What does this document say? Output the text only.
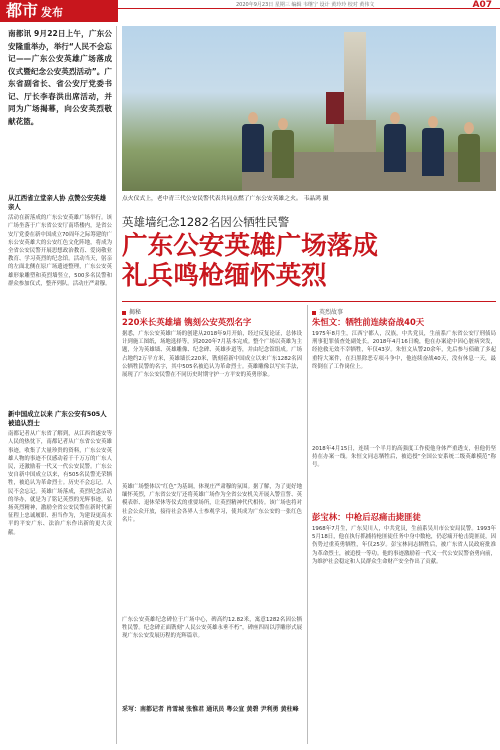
都市 发布
2020年9月23日 星期三 编辑 韦继宁 设计 黄玲玲 校对 黄伟文	A07
南都讯 9月22日上午，广东公安隆重举办，举行“人民不会忘记——广东公安英雄广场落成仪式暨纪念公安英烈活动”。广东省副省长、省公安厅党委书记、厅长李春洪出席活动，并同为广场揭幕，向公安英烈敬献花篮。
从江西省立堂亲人协 点赞公安英雄亲人
活动在新落成的广东公安英雄广场举行。该广场坐落于广东省公安厅南塔楼内，是省公安厅党委在新中国成立70周年之际筹建的广东公安英雄大的公安红色文化阵地，将成为全省公安民警开展思想政治教育、爱岗敬业教育、学习英烈的纪念馆。活动当天，躬亲的左面北侧在原广场遗迹整理，广东公安英雄形象雕塑和英烈墙竖立，500多名民警和群众参加仪式，整齐列队。活动庄严肃穆。
新中国成立以来 广东公安有505人被追认烈士
南都记者从广东省了解到，从江西省遂安等人民的热忱下，南都记者从广东省公安英雄事迹，收集了大量珍贵的资料，广东公安英雄人物的事迹不仅感动着千千万万的广东人民，还激励着一代又一代公安民警。广东公安自新中国成立以来，有505名民警光荣牺牲，被追认为革命烈士。历史不会忘记，人民不会忘记。英雄广场落成，英烈纪念活动的举办，就是为了铭记英烈的光辉事迹，弘扬英烈精神，激励全省公安民警在新时代新征程上忠诚履职、担当作为，为建设更高水平的平安广东、法治广东作出新的更大贡献。
点火仪式上，老中青三代公安民警代表共同点燃了广东公安英雄之火。 韦晶鸿 摄
英雄墙纪念1282名因公牺牲民警
广东公安英雄广场落成
礼兵鸣枪缅怀英烈
揭秘
220米长英雄墙 镌刻公安英烈名字
据悉，广东公安英雄广场的创建从2018年9月开始，经过反复论证，总体设计到施工图纸，场地选择等，到2020年7月基本完成。整个广场以英雄为主题，分为英雄墙、英雄雕像、纪念碑、英雄步道等，并由纪念馆组成。广场占地约2万平方米，英雄墙长220米，镌刻着新中国成立以来广东1282名因公牺牲民警的名字，其中505名被追认为革命烈士。英雄雕像以写实手法，展现了广东公安民警在不同历史时期守护一方平安的英勇形象。
英雄广场整体以“红色”为基调，体现庄严肃穆的氛围。据了解，为了更好地缅怀英烈，广东省公安厅还将英雄广场作为全省公安机关开展入警宣誓、英模表彰、退休荣休等仪式的重要场所，让英烈精神代代相传。该广场也将对社会公众开放，接待社会各界人士参观学习，使其成为广东公安的一张红色名片。
广东公安英雄纪念碑位于广场中心，碑高约12.82米，寓意1282名因公牺牲民警。纪念碑正面镌刻“人民公安英雄永垂不朽”，碑座四周以浮雕形式展现广东公安发展历程的光辉篇章。
采写：南都记者 肖雪城 张惟君 通讯员 粤公宣 黄碧 尹利勇 黄柱峰
英烈故事
朱恒文：牺牲前连续奋战40天
1975年8月生，江西宁都人，汉族，中共党员，生前系广东省公安厅刑侦局刑事犯罪侦查处副处长。2018年4月16日晚，他在办案途中因心脏病突发，经抢救无效不幸牺牲，年仅43岁。朱恒文从警20余年，先后参与侦破了多起重特大案件，在扫黑除恶专项斗争中，他连续奋战40天，没有休息一天，最终倒在了工作岗位上。
2018年4月15日，连续一个半月的高强度工作使他身体严重透支，但他仍坚持在办案一线。朱恒文同志牺牲后，被追授“全国公安系统二级英雄模范”称号。
彭宝林：中枪后忍痛击毙匪徒
1968年7月生，广东吴川人，中共党员，生前系吴川市公安局民警。1993年5月18日，他在执行抓捕持枪匪徒任务中身中数枪，仍忍痛开枪击毙匪徒，因伤势过重英勇牺牲，年仅25岁。彭宝林同志牺牲后，被广东省人民政府批准为革命烈士，被追授一等功。他的事迹激励着一代又一代公安民警奋勇向前，为维护社会稳定和人民群众生命财产安全作出了贡献。
